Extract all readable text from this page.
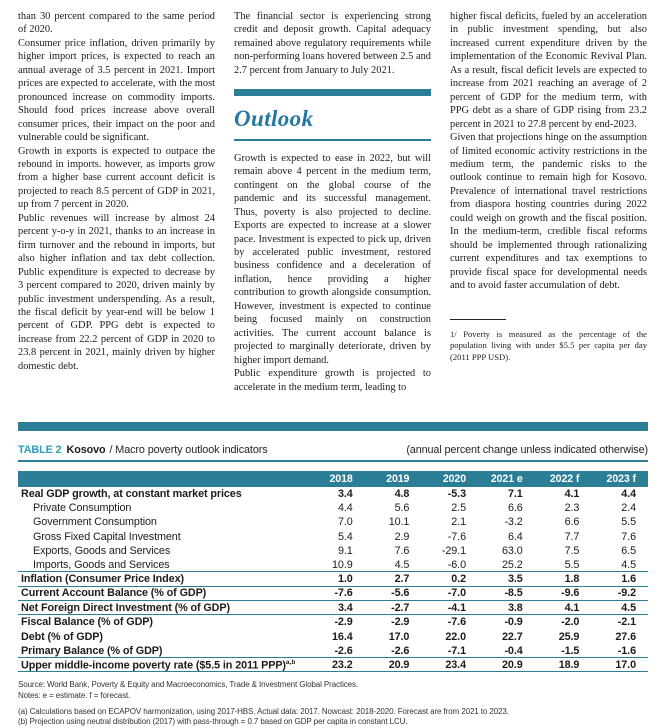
than 30 percent compared to the same period of 2020.

Consumer price inflation, driven primarily by higher import prices, is expected to reach an annual average of 3.5 percent in 2021. Import prices are expected to accelerate, with the most pronounced increase on commodity imports. Should food prices increase above overall consumer prices, their impact on the poor and vulnerable could be significant.

Growth in exports is expected to outpace the rebound in imports. however, as imports grow from a higher base current account deficit is projected to reach 8.5 percent of GDP in 2021, up from 7 percent in 2020.

Public revenues will increase by almost 24 percent y-o-y in 2021, thanks to an increase in firm turnover and the rebound in imports, but also higher inflation and tax debt collection. Public expenditure is expected to decrease by 3 percent compared to 2020, driven mainly by public investment underspending. As a result, the fiscal deficit by year-end will be below 1 percent of GDP. PPG debt is expected to increase from 22.2 percent of GDP in 2020 to 23.8 percent in 2021, mainly driven by higher domestic debt.

The financial sector is experiencing strong credit and deposit growth. Capital adequacy remained above regulatory requirements while non-performing loans hovered between 2.5 and 2.7 percent from January to July 2021.

Outlook

Growth is expected to ease in 2022, but will remain above 4 percent in the medium term, contingent on the global course of the pandemic and its successful management. Thus, poverty is also projected to decline. Exports are expected to increase at a slower pace. Investment is expected to pick up, driven by accelerated public investment, restored business confidence and a deceleration of inflation, hence providing a higher contribution to growth alongside consumption. However, investment is expected to continue being focused mainly on construction activities. The current account balance is projected to marginally deteriorate, driven by higher import demand.

Public expenditure growth is projected to accelerate in the medium term, leading to

higher fiscal deficits, fueled by an acceleration in public investment spending, but also increased current expenditure driven by the implementation of the Economic Revival Plan. As a result, fiscal deficit levels are expected to increase from 2021 reaching an average of 2 percent of GDP for the medium term, with PPG debt as a share of GDP rising from 23.2 percent in 2021 to 27.8 percent by end-2023.

Given that projections hinge on the assumption of limited economic activity restrictions in the medium term, the pandemic risks to the outlook continue to remain high for Kosovo. Prevalence of international travel restrictions from diaspora hosting countries during 2022 could weigh on growth and the fiscal position. In the medium-term, credible fiscal reforms should be implemented through rationalizing current expenditures and tax exemptions to provide fiscal space for developmental needs and to avoid faster accumulation of debt.

1/ Poverty is measured as the percentage of the population living with under $5.5 per capita per day (2011 PPP USD).

TABLE 2 Kosovo / Macro poverty outlook indicators	(annual percent change unless indicated otherwise)
2018	2019	2020	2021 e	2022 f	2023 f
Real GDP growth, at constant market prices	3.4	4.8	-5.3	7.1	4.1	4.4
Private Consumption	4.4	5.6	2.5	6.6	2.3	2.4
Government Consumption	7.0	10.1	2.1	-3.2	6.6	5.5
Gross Fixed Capital Investment	5.4	2.9	-7.6	6.4	7.7	7.6
Exports, Goods and Services	9.1	7.6	-29.1	63.0	7.5	6.5
Imports, Goods and Services	10.9	4.5	-6.0	25.2	5.5	4.5
Inflation (Consumer Price Index)	1.0	2.7	0.2	3.5	1.8	1.6
Current Account Balance (% of GDP)	-7.6	-5.6	-7.0	-8.5	-9.6	-9.2
Net Foreign Direct Investment (% of GDP)	3.4	-2.7	-4.1	3.8	4.1	4.5
Fiscal Balance (% of GDP)	-2.9	-2.9	-7.6	-0.9	-2.0	-2.1
Debt (% of GDP)	16.4	17.0	22.0	22.7	25.9	27.6
Primary Balance (% of GDP)	-2.6	-2.6	-7.1	-0.4	-1.5	-1.6
Upper middle-income poverty rate ($5.5 in 2011 PPP)$^{a,b}$	23.2	20.9	23.4	20.9	18.9	17.0

Source: World Bank, Poverty & Equity and Macroeconomics, Trade & Investment Global Practices.

Notes: e = estimate. f = forecast.

(a) Calculations based on ECAPOV harmonization, using 2017-HBS. Actual data: 2017. Nowcast: 2018-2020. Forecast are from 2021 to 2023.

(b) Projection using neutral distribution (2017) with pass-through = 0.7 based on GDP per capita in constant LCU.
